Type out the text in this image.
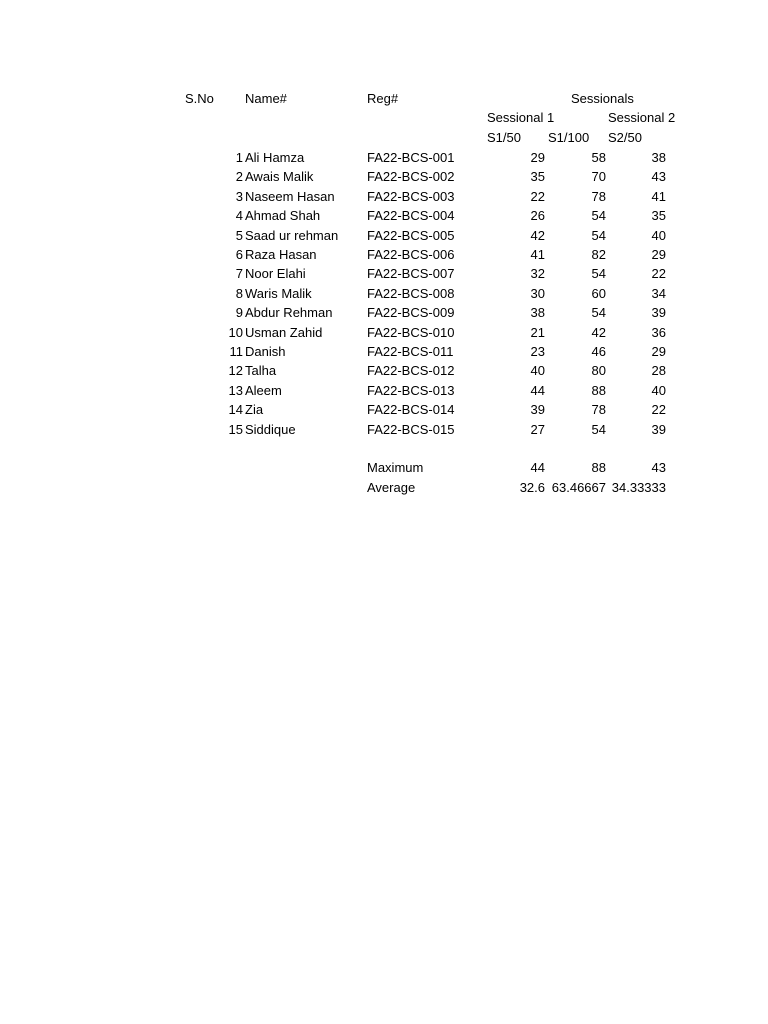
S.No	Name#	Reg#	Sessionals
Sessional 1	Sessional 2
S1/50	S1/100	S2/50
1 Ali Hamza	FA22-BCS-001	29	58	38
2 Awais Malik	FA22-BCS-002	35	70	43
3 Naseem Hasan	FA22-BCS-003	22	78	41
4 Ahmad Shah	FA22-BCS-004	26	54	35
5 Saad ur rehman	FA22-BCS-005	42	54	40
6 Raza Hasan	FA22-BCS-006	41	82	29
7 Noor Elahi	FA22-BCS-007	32	54	22
8 Waris Malik	FA22-BCS-008	30	60	34
9 Abdur Rehman	FA22-BCS-009	38	54	39
10 Usman Zahid	FA22-BCS-010	21	42	36
11 Danish	FA22-BCS-011	23	46	29
12 Talha	FA22-BCS-012	40	80	28
13 Aleem	FA22-BCS-013	44	88	40
14 Zia	FA22-BCS-014	39	78	22
15 Siddique	FA22-BCS-015	27	54	39
Maximum	44	88	43
Average	32.6 63.46667 34.33333
